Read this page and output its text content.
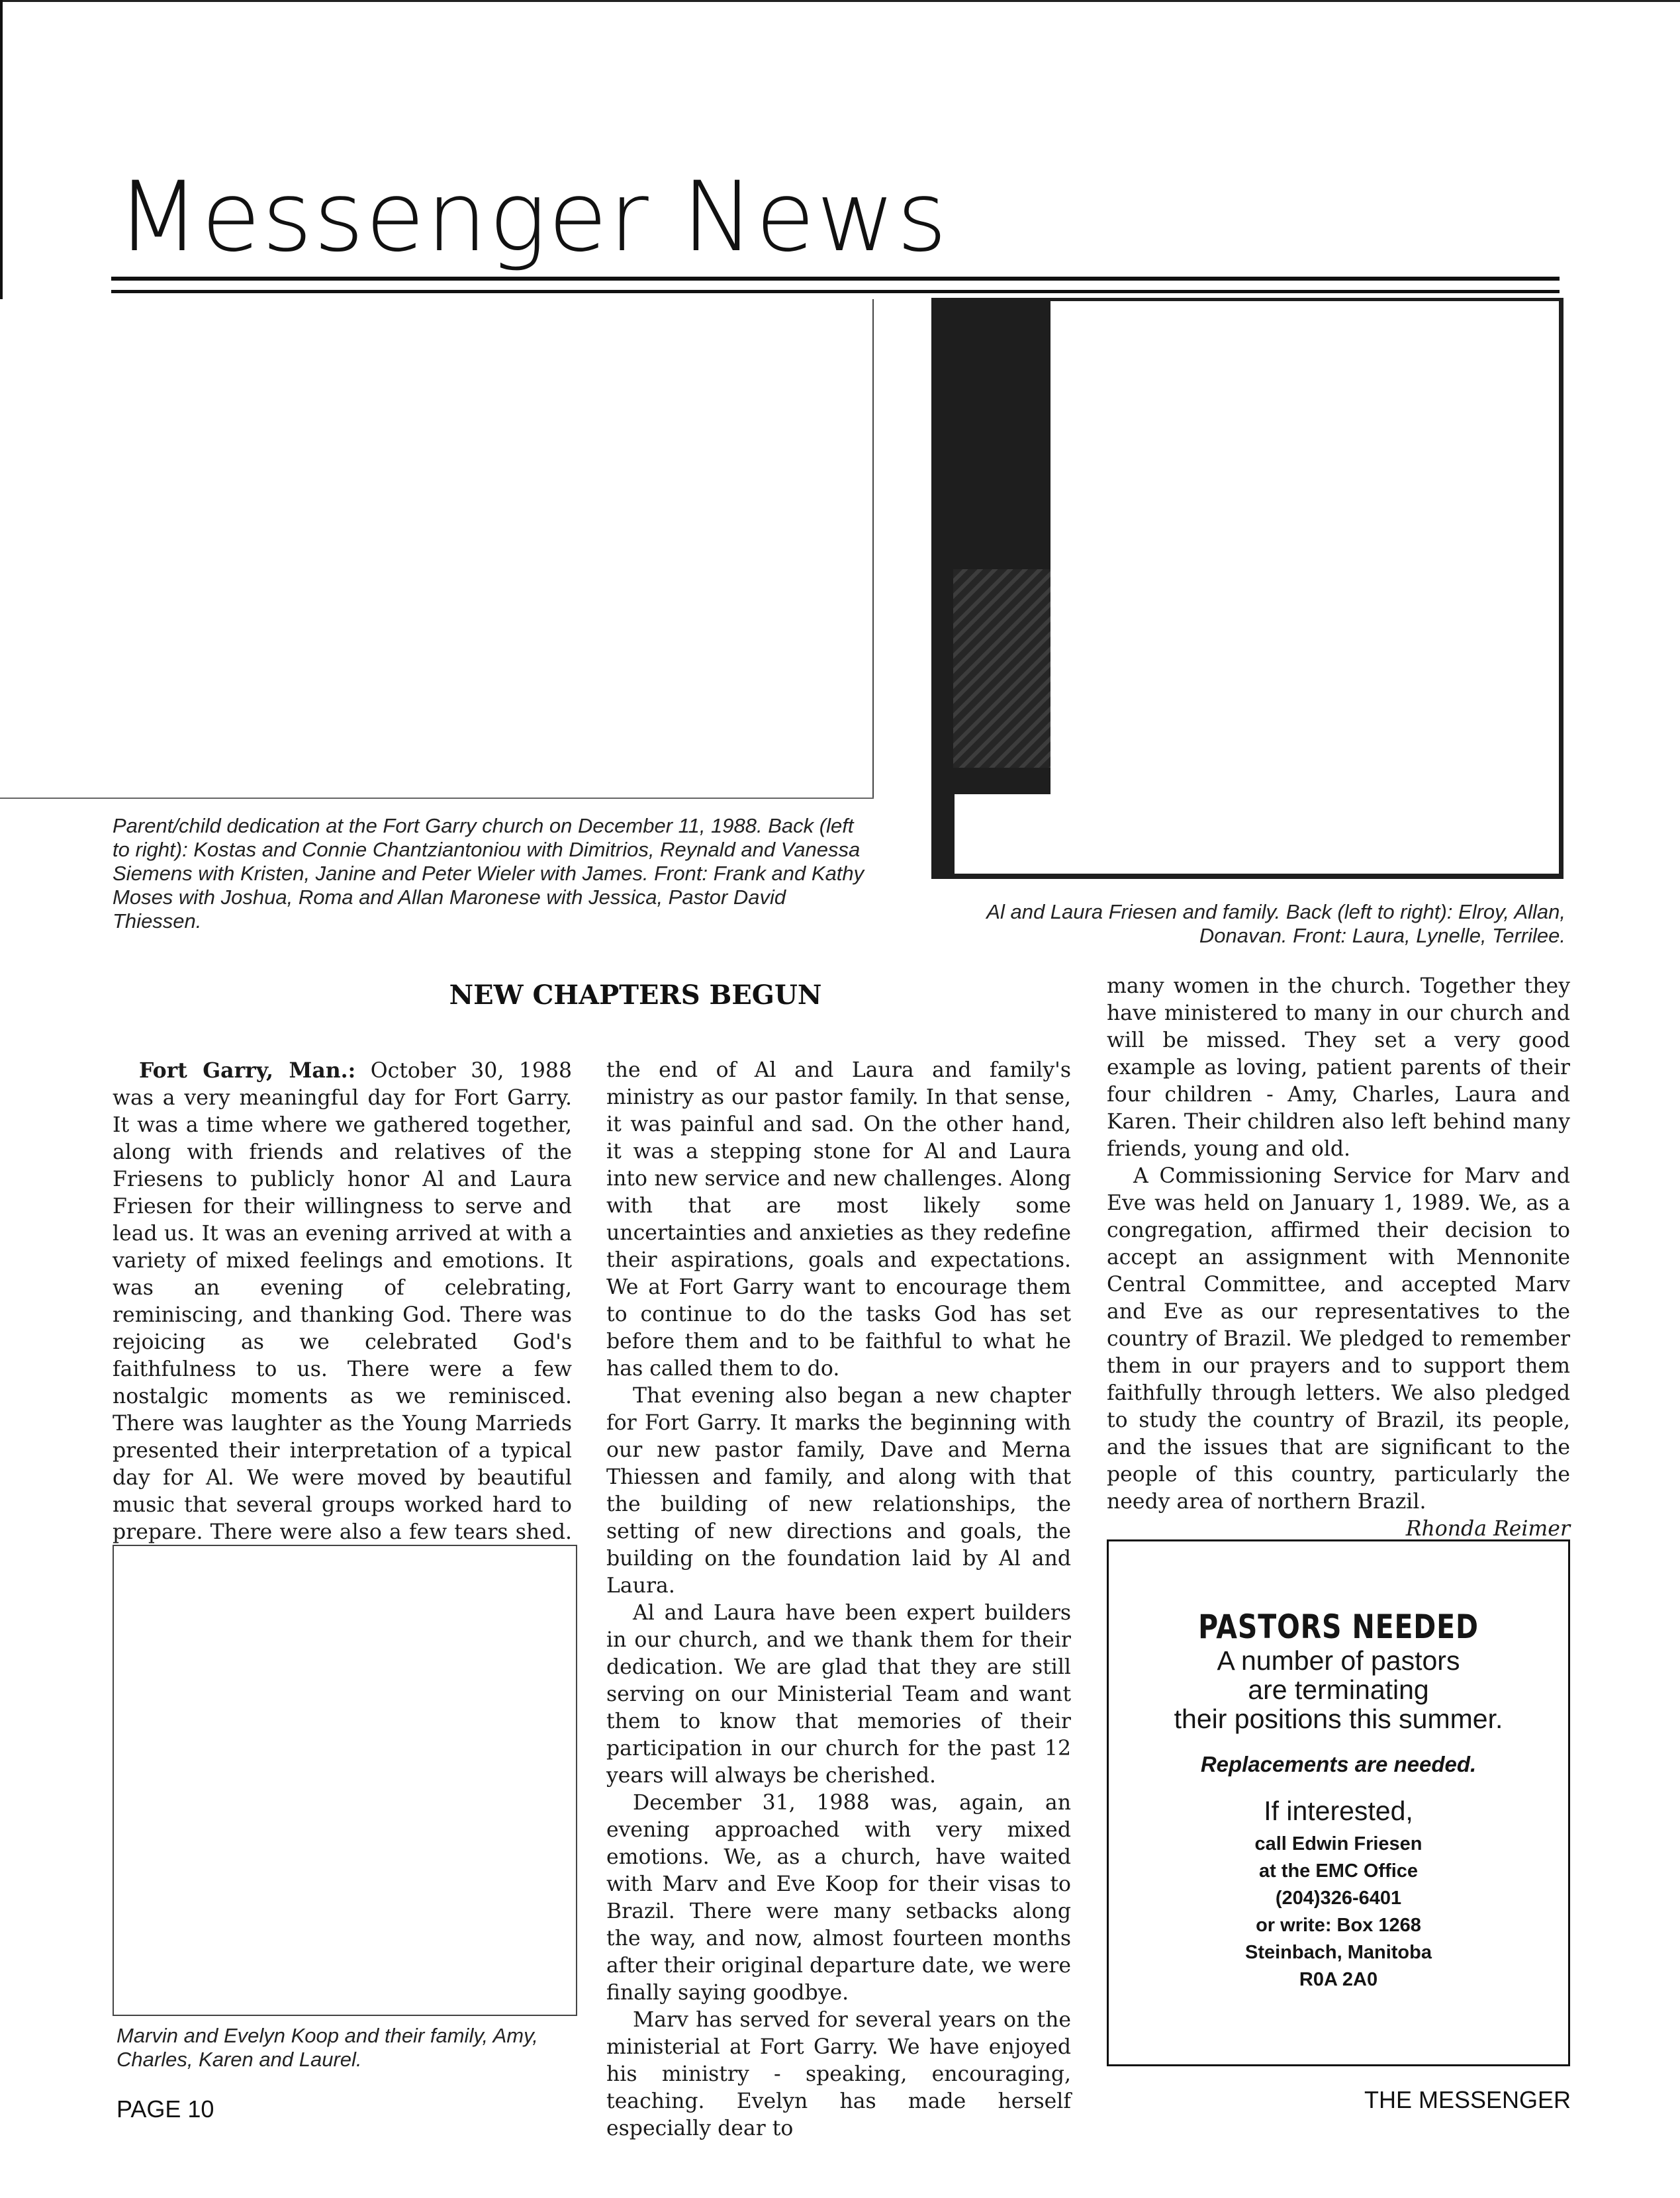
Messenger News
Parent/child dedication at the Fort Garry church on December 11, 1988. Back (left to right): Kostas and Connie Chantziantoniou with Dimitrios, Reynald and Vanessa Siemens with Kristen, Janine and Peter Wieler with James. Front: Frank and Kathy Moses with Joshua, Roma and Allan Maronese with Jessica, Pastor David Thiessen.	Al and Laura Friesen and family. Back (left to right): Elroy, Allan, Donavan. Front: Laura, Lynelle, Terrilee.
NEW CHAPTERS BEGUN

Fort Garry, Man.: October 30, 1988 was a very meaningful day for Fort Garry. It was a time where we gathered together, along with friends and relatives of the Friesens to publicly honor Al and Laura Friesen for their willingness to serve and lead us. It was an evening arrived at with a variety of mixed feelings and emotions. It was an evening of celebrating, reminiscing, and thanking God. There was rejoicing as we celebrated God's faithfulness to us. There were a few nostalgic moments as we reminisced. There was laughter as the Young Marrieds presented their interpretation of a typical day for Al. We were moved by beautiful music that several groups worked hard to prepare. There were also a few tears shed.

Marvin and Evelyn Koop and their family, Amy, Charles, Karen and Laurel.

the end of Al and Laura and family's ministry as our pastor family. In that sense, it was painful and sad. On the other hand, it was a stepping stone for Al and Laura into new service and new challenges. Along with that are most likely some uncertainties and anxieties as they redefine their aspirations, goals and expectations. We at Fort Garry want to encourage them to continue to do the tasks God has set before them and to be faithful to what he has called them to do.

That evening also began a new chapter for Fort Garry. It marks the beginning with our new pastor family, Dave and Merna Thiessen and family, and along with that the building of new relationships, the setting of new directions and goals, the building on the foundation laid by Al and Laura.

Al and Laura have been expert builders in our church, and we thank them for their dedication. We are glad that they are still serving on our Ministerial Team and want them to know that memories of their participation in our church for the past 12 years will always be cherished.

December 31, 1988 was, again, an evening approached with very mixed emotions. We, as a church, have waited with Marv and Eve Koop for their visas to Brazil. There were many setbacks along the way, and now, almost fourteen months after their original departure date, we were finally saying goodbye.

Marv has served for several years on the ministerial at Fort Garry. We have enjoyed his ministry - speaking, encouraging, teaching. Evelyn has made herself especially dear to

many women in the church. Together they have ministered to many in our church and will be missed. They set a very good example as loving, patient parents of their four children - Amy, Charles, Laura and Karen. Their children also left behind many friends, young and old.

A Commissioning Service for Marv and Eve was held on January 1, 1989. We, as a congregation, affirmed their decision to accept an assignment with Mennonite Central Committee, and accepted Marv and Eve as our representatives to the country of Brazil. We pledged to remember them in our prayers and to support them faithfully through letters. We also pledged to study the country of Brazil, its people, and the issues that are significant to the people of this country, particularly the needy area of northern Brazil.

Rhonda Reimer
PASTORS NEEDED
A number of pastors
are terminating
their positions this summer.
Replacements are needed.
If interested,
call Edwin Friesen
at the EMC Office
(204)326-6401
or write: Box 1268
Steinbach, Manitoba
R0A 2A0
PAGE 10	THE MESSENGER
